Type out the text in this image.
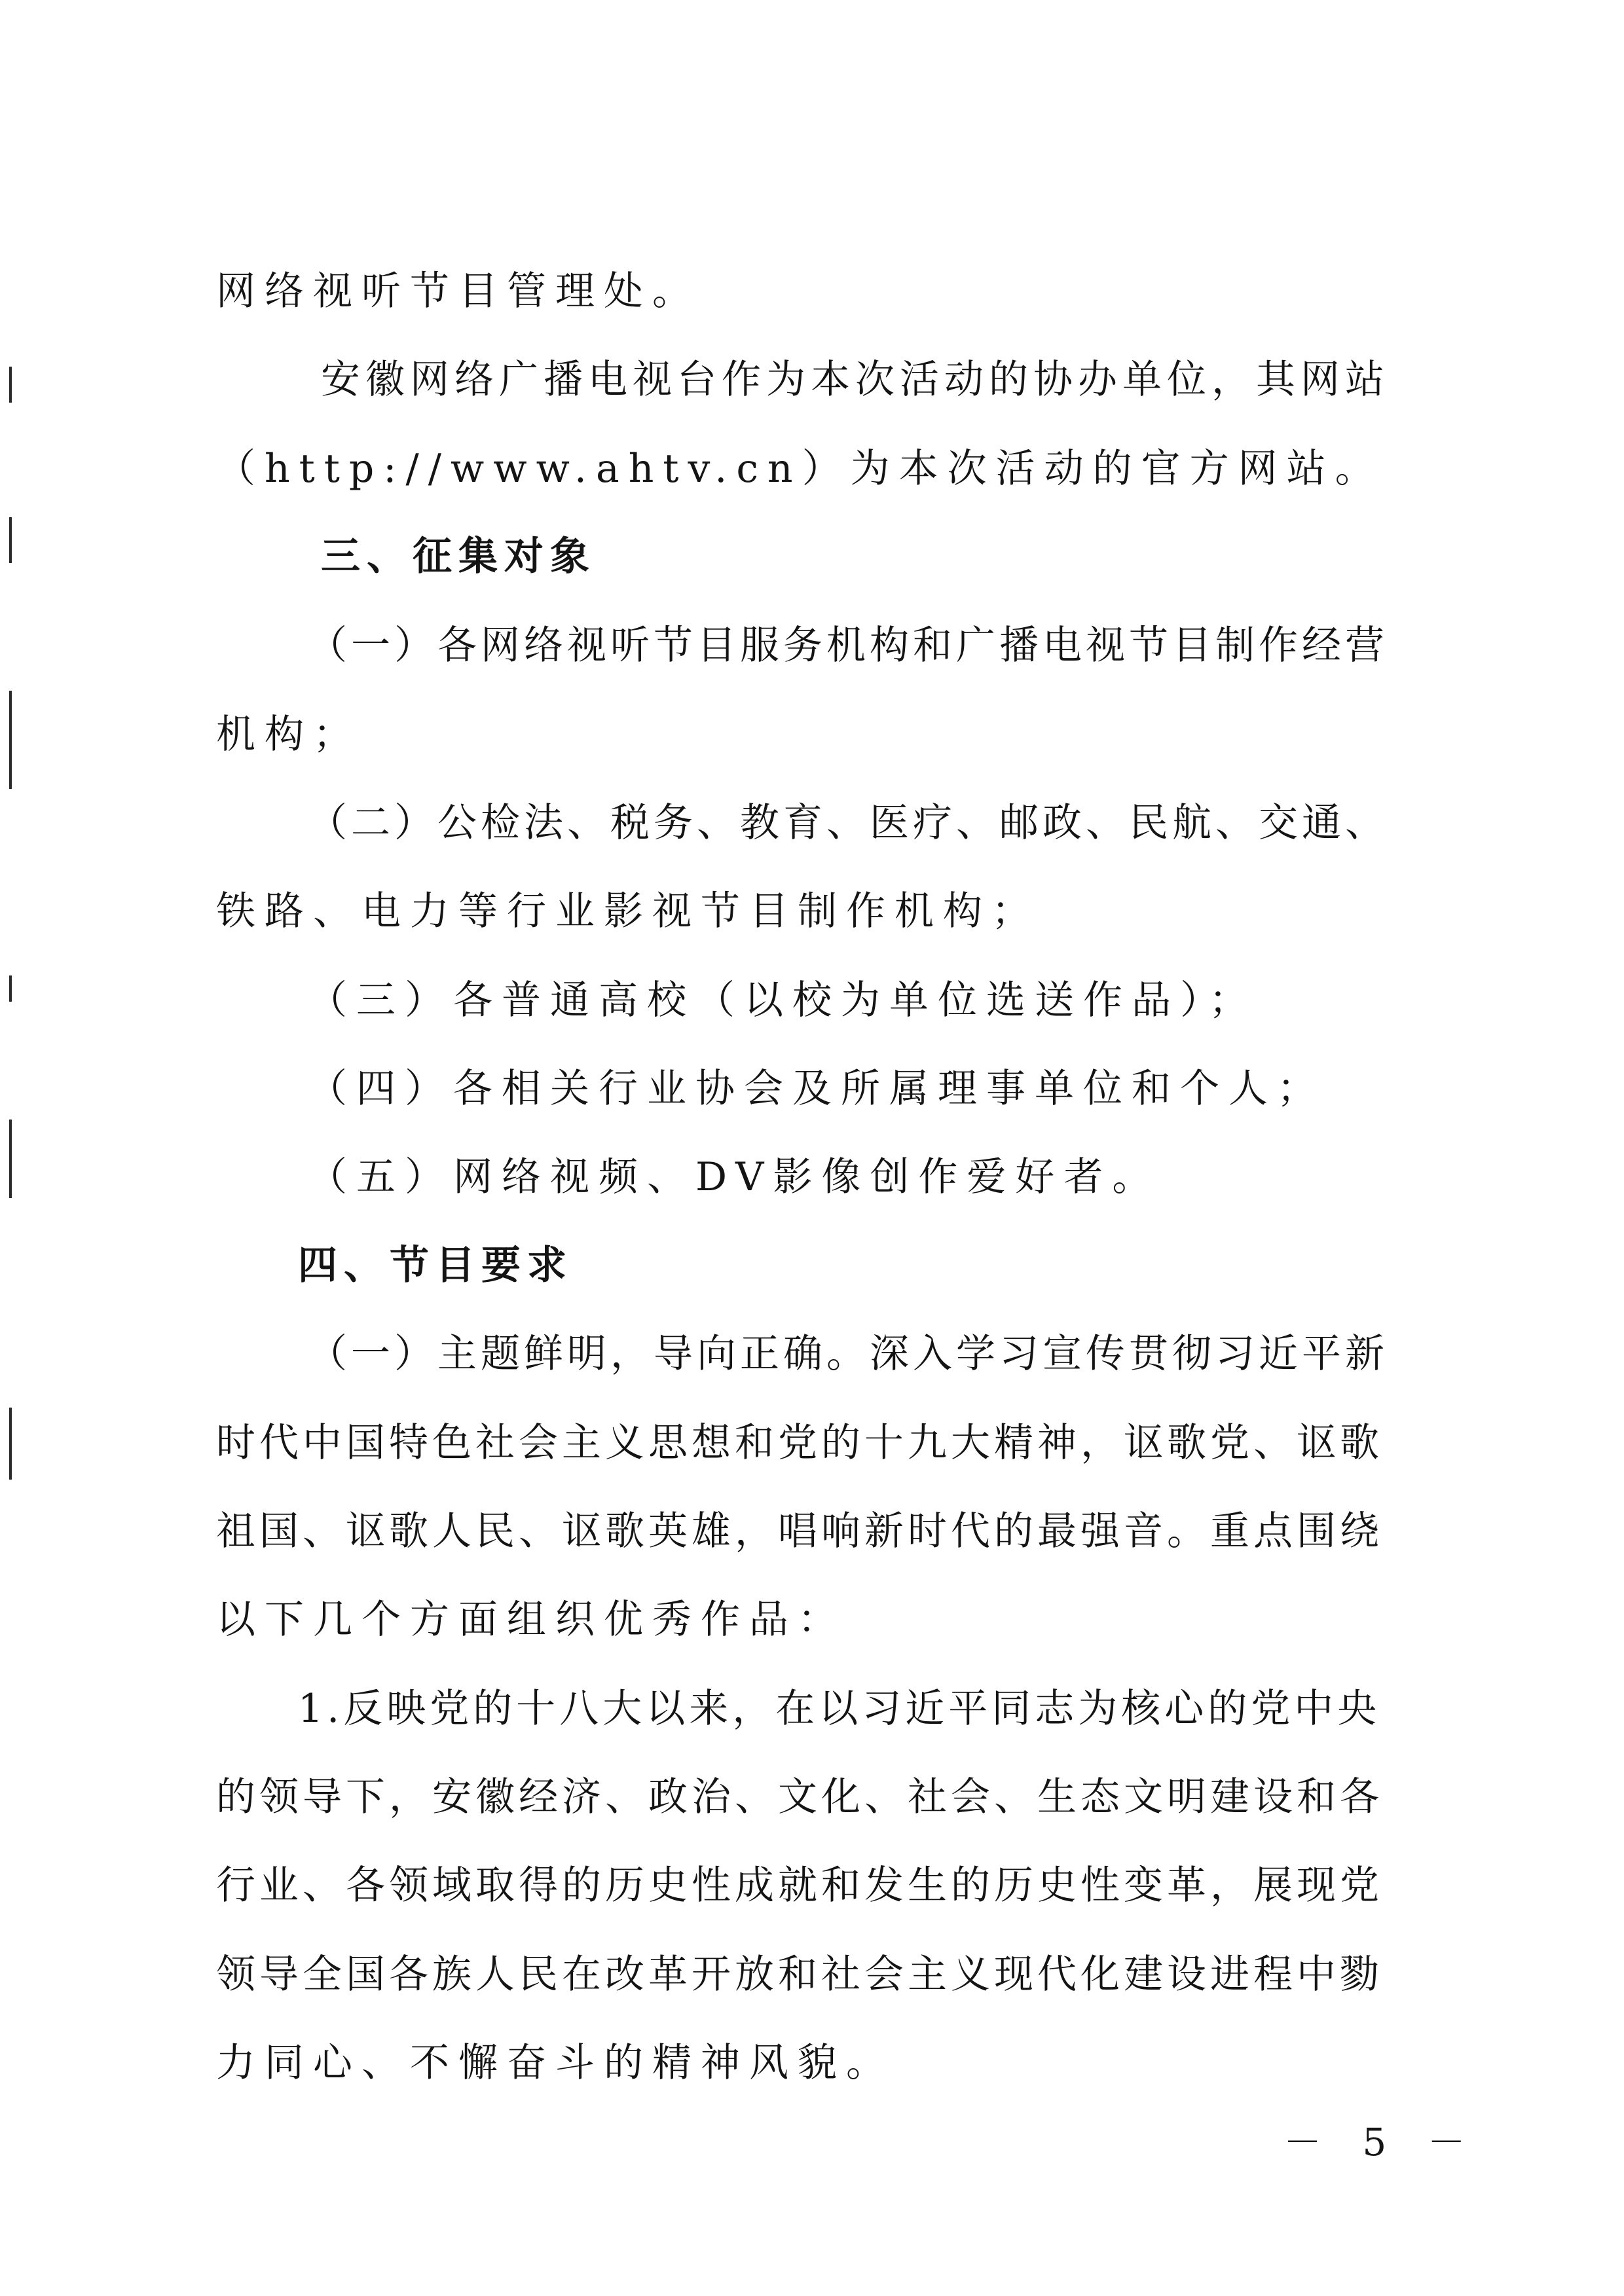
网络视听节目管理处。
安徽网络广播电视台作为本次活动的协办单位，其网站
（http://www.ahtv.cn）为本次活动的官方网站。
三、征集对象
（一）各网络视听节目服务机构和广播电视节目制作经营
机构；
（二）公检法、税务、教育、医疗、邮政、民航、交通、
铁路、电力等行业影视节目制作机构；
（三）各普通高校（以校为单位选送作品）；
（四）各相关行业协会及所属理事单位和个人；
（五）网络视频、DV影像创作爱好者。
四、节目要求
（一）主题鲜明，导向正确。深入学习宣传贯彻习近平新
时代中国特色社会主义思想和党的十九大精神，讴歌党、讴歌
祖国、讴歌人民、讴歌英雄，唱响新时代的最强音。重点围绕
以下几个方面组织优秀作品：
1.反映党的十八大以来，在以习近平同志为核心的党中央
的领导下，安徽经济、政治、文化、社会、生态文明建设和各
行业、各领域取得的历史性成就和发生的历史性变革，展现党
领导全国各族人民在改革开放和社会主义现代化建设进程中勠
力同心、不懈奋斗的精神风貌。
－ 5 －
